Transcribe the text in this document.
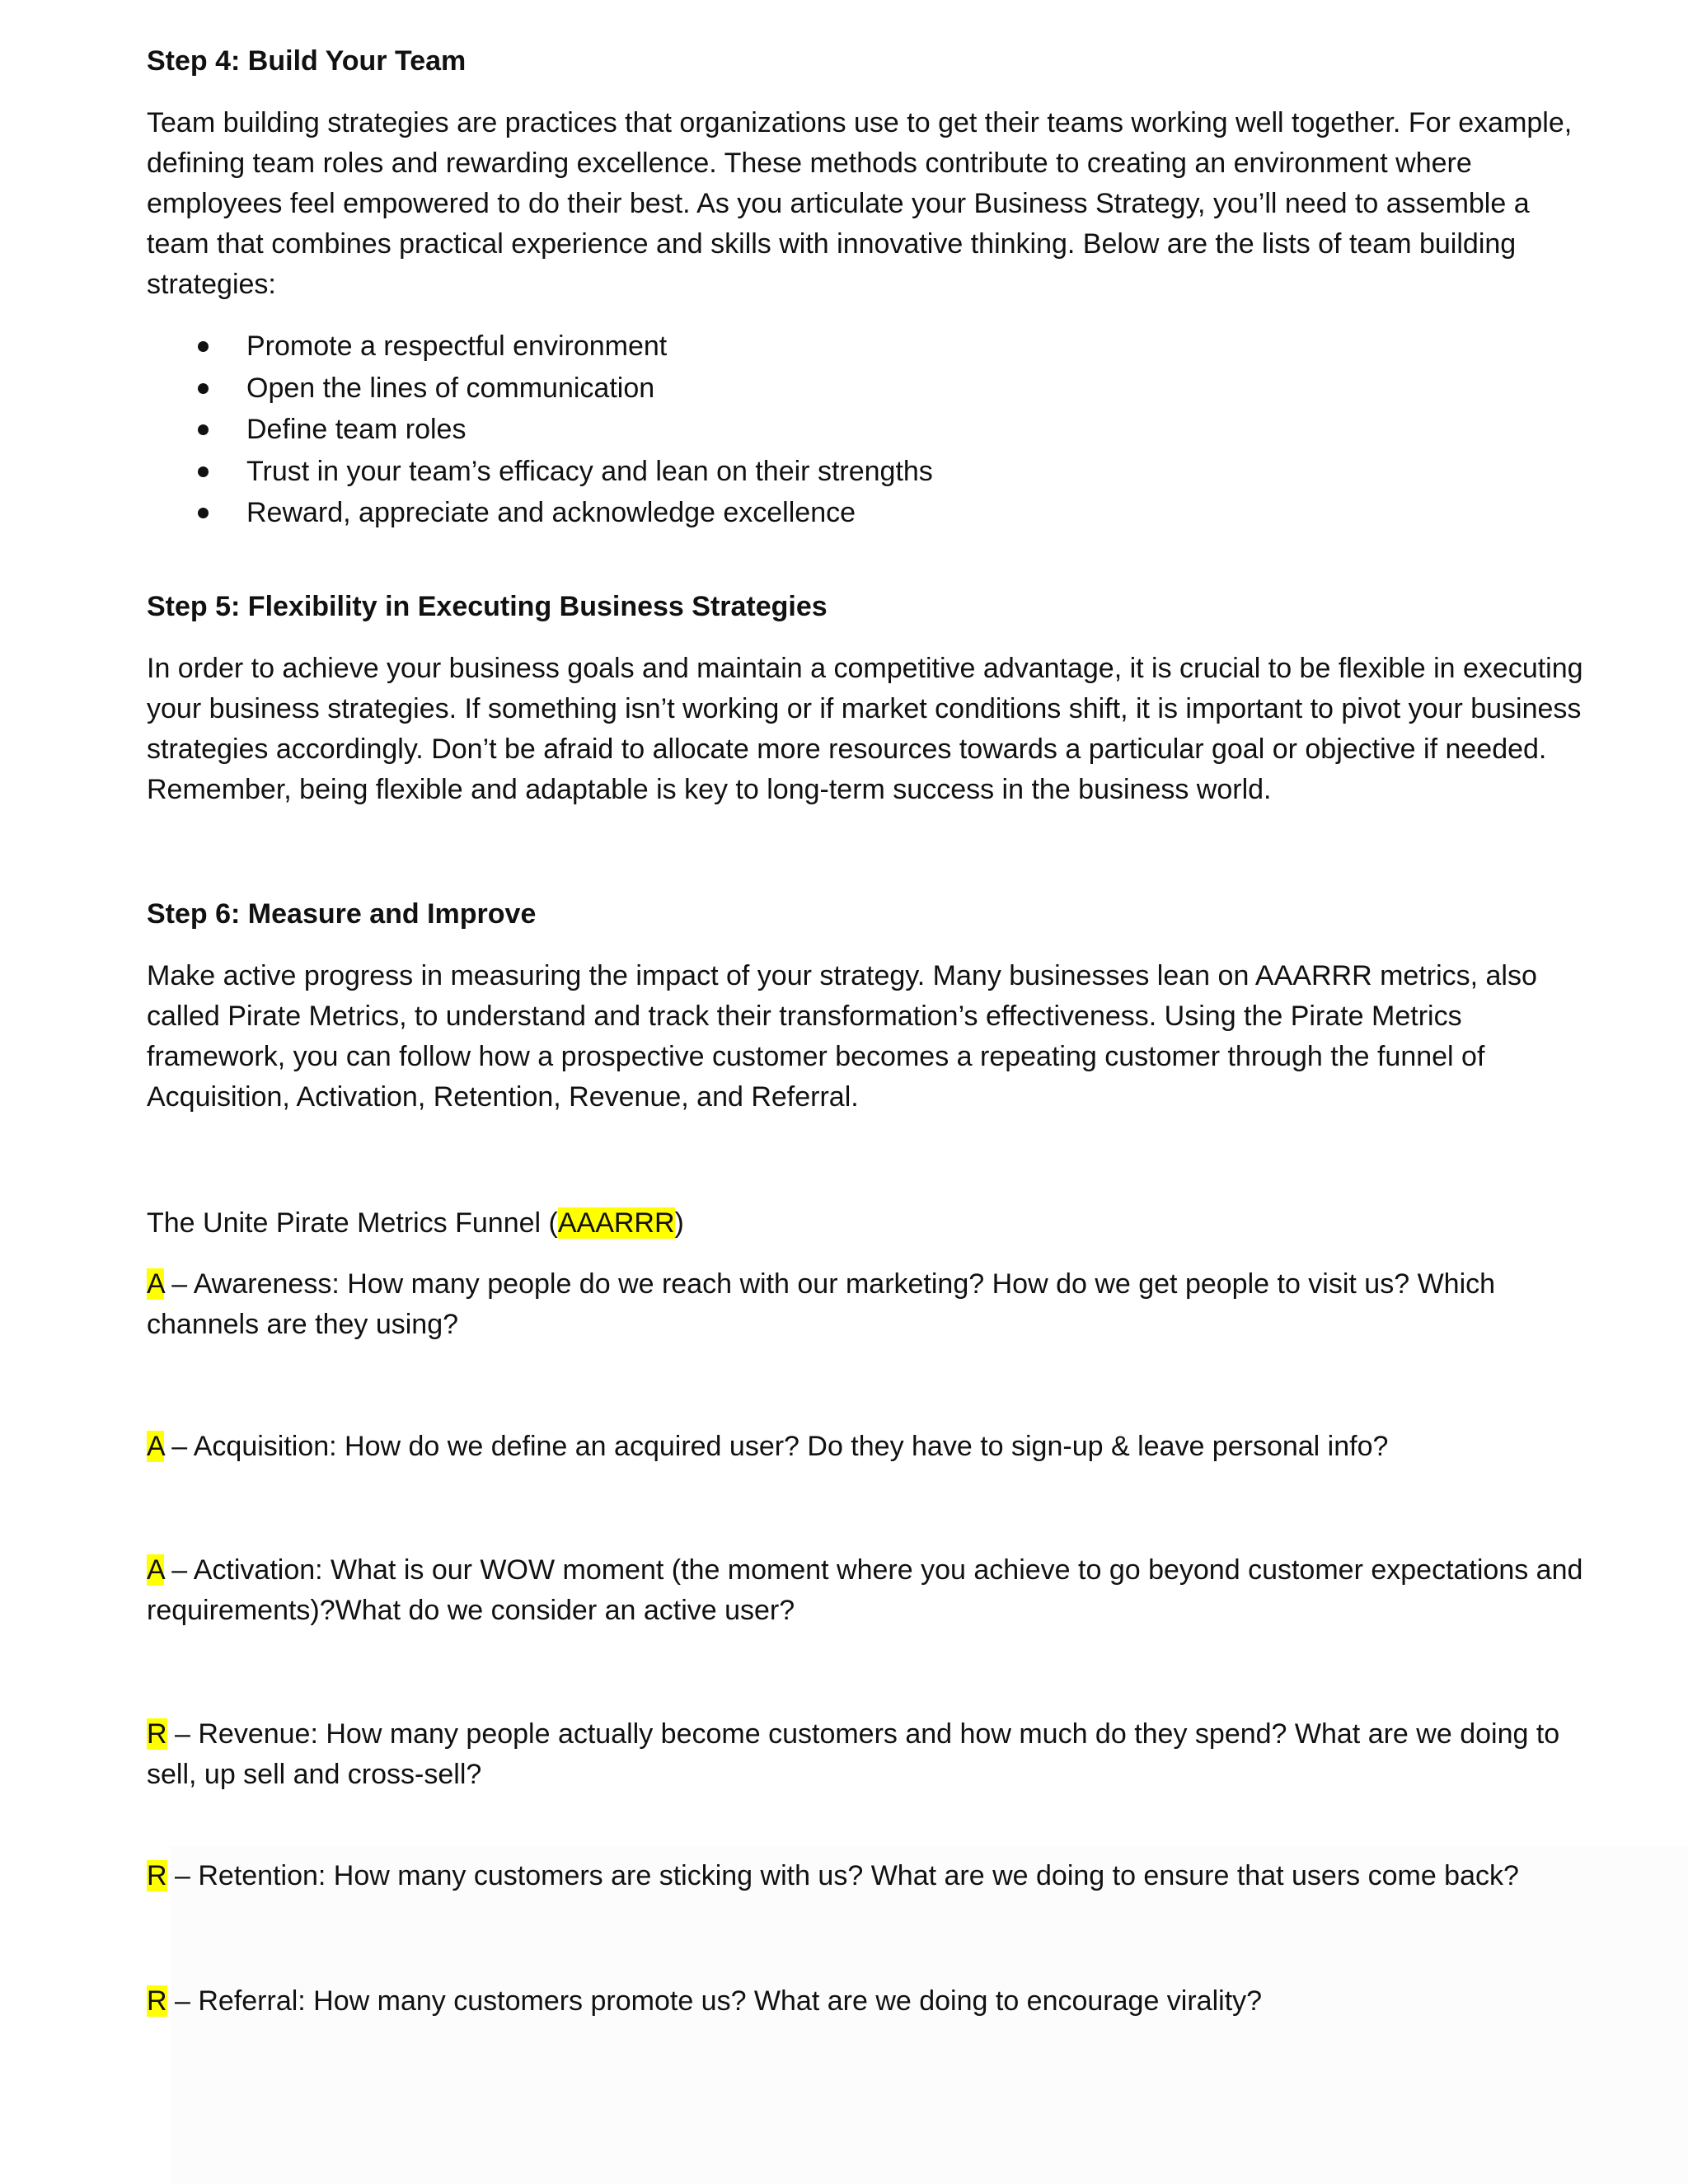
Step 4: Build Your Team

Team building strategies are practices that organizations use to get their teams working well together. For example, defining team roles and rewarding excellence. These methods contribute to creating an environment where employees feel empowered to do their best. As you articulate your Business Strategy, you’ll need to assemble a team that combines practical experience and skills with innovative thinking. Below are the lists of team building strategies:

Promote a respectful environment
Open the lines of communication
Define team roles
Trust in your team’s efficacy and lean on their strengths
Reward, appreciate and acknowledge excellence
Step 5: Flexibility in Executing Business Strategies

In order to achieve your business goals and maintain a competitive advantage, it is crucial to be flexible in executing your business strategies. If something isn’t working or if market conditions shift, it is important to pivot your business strategies accordingly. Don’t be afraid to allocate more resources towards a particular goal or objective if needed. Remember, being flexible and adaptable is key to long-term success in the business world.

Step 6: Measure and Improve

Make active progress in measuring the impact of your strategy. Many businesses lean on AAARRR metrics, also called Pirate Metrics, to understand and track their transformation’s effectiveness. Using the Pirate Metrics framework, you can follow how a prospective customer becomes a repeating customer through the funnel of Acquisition, Activation, Retention, Revenue, and Referral.

The Unite Pirate Metrics Funnel (AAARRR)

A – Awareness: How many people do we reach with our marketing? How do we get people to visit us? Which channels are they using?

A – Acquisition: How do we define an acquired user? Do they have to sign-up & leave personal info?

A – Activation: What is our WOW moment (the moment where you achieve to go beyond customer expectations and requirements)?What do we consider an active user?

R – Revenue: How many people actually become customers and how much do they spend? What are we doing to sell, up sell and cross-sell?

R – Retention: How many customers are sticking with us? What are we doing to ensure that users come back?

R – Referral: How many customers promote us? What are we doing to encourage virality?
